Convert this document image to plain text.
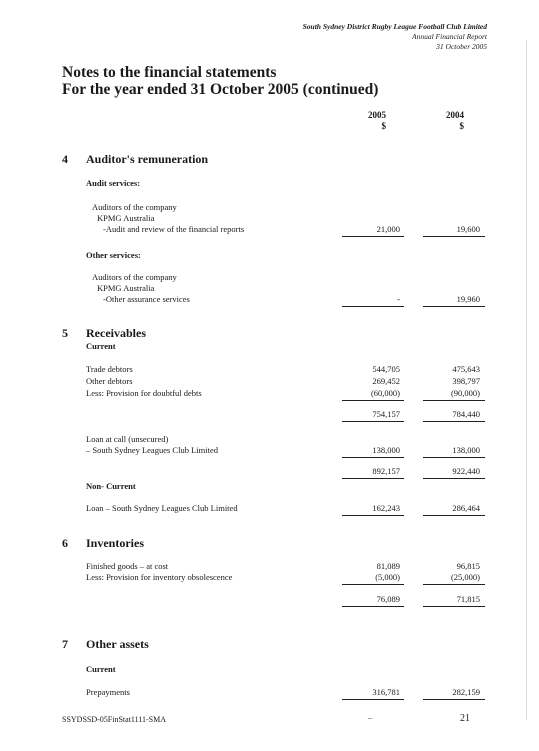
South Sydney District Rugby League Football Club Limited
Annual Financial Report
31 October 2005
Notes to the financial statements
For the year ended 31 October 2005 (continued)
2005
$
2004
$
4 Auditor's remuneration
Audit services:
Auditors of the company
KPMG Australia
-Audit and review of the financial reports	21,000	19,600
Other services:
Auditors of the company
KPMG Australia
-Other assurance services	-	19,960
5 Receivables
Current
Trade debtors	544,705	475,643
Other debtors	269,452	398,797
Less: Provision for doubtful debts	(60,000)	(90,000)
754,157	784,440
Loan at call (unsecured)
– South Sydney Leagues Club Limited	138,000	138,000
892,157	922,440
Non- Current
Loan – South Sydney Leagues Club Limited	162,243	286,464
6 Inventories
Finished goods – at cost	81,089	96,815
Less: Provision for inventory obsolescence	(5,000)	(25,000)
76,089	71,815
7 Other assets
Current
Prepayments	316,781	282,159
SSYDSSD-05FinStat1111-SMA	–	21
